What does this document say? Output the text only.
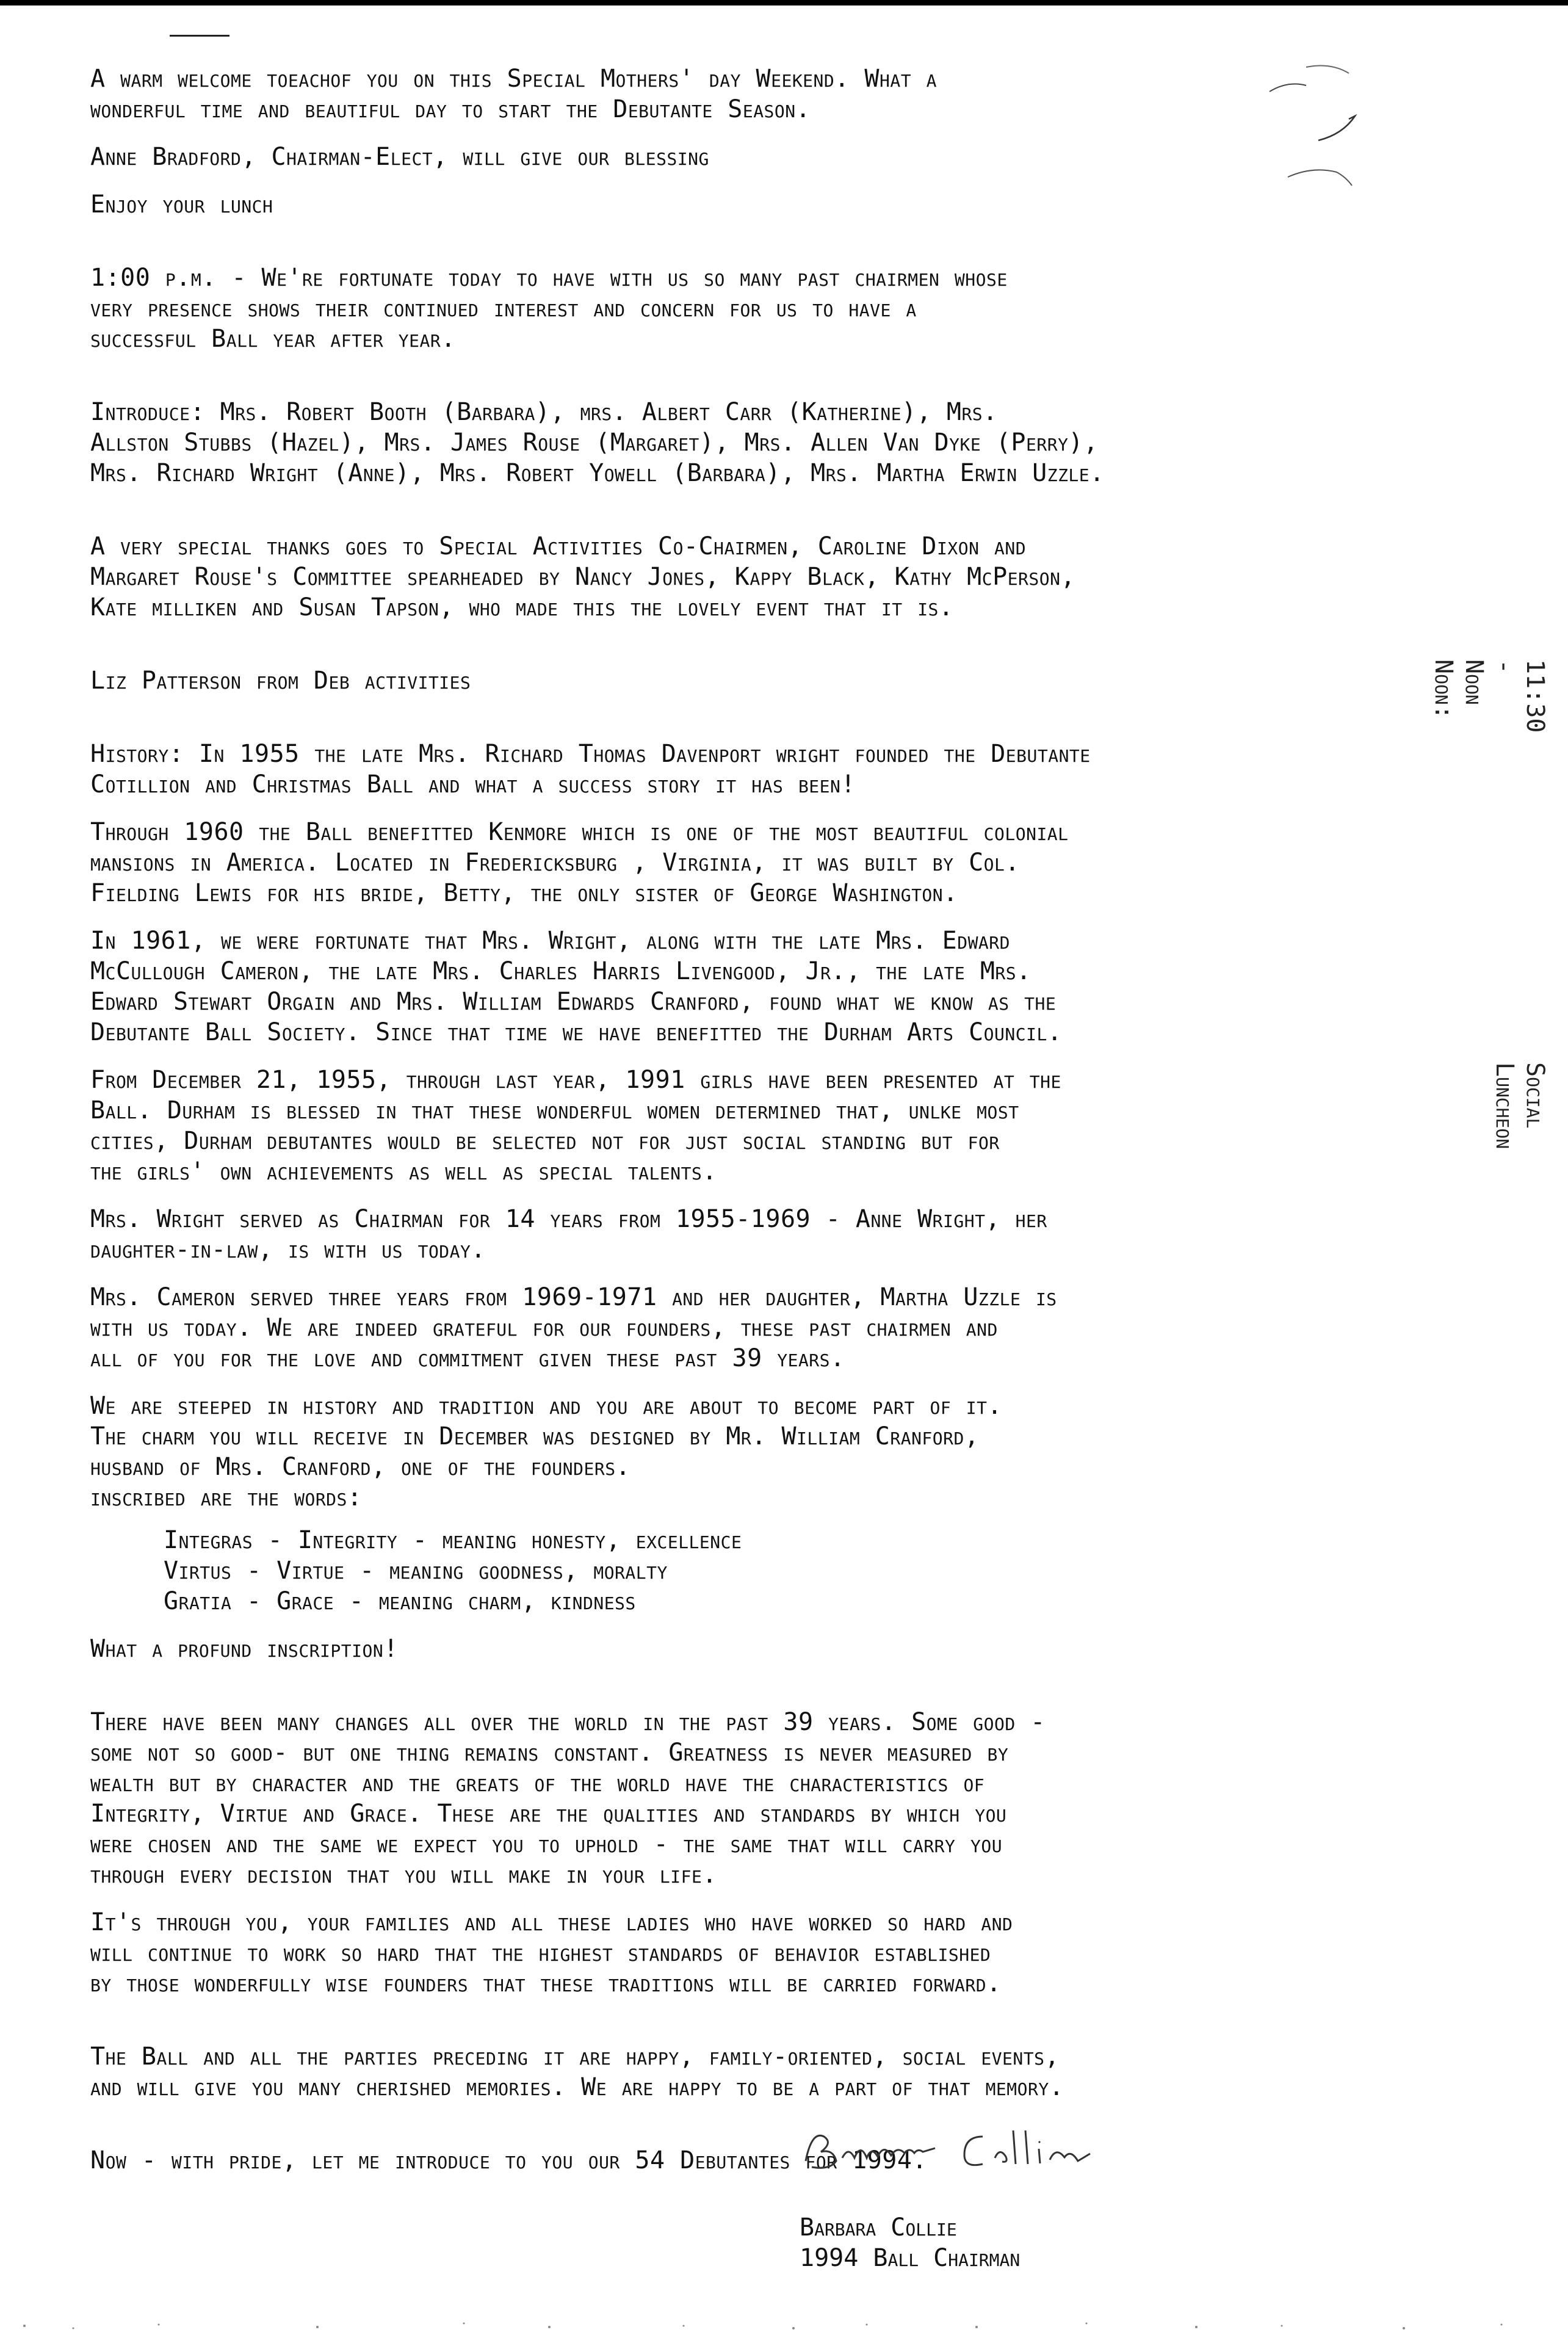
A warm welcome toeachof you on this Special Mothers' day Weekend. What a
wonderful time and beautiful day to start the Debutante Season.

Anne Bradford, Chairman-Elect, will give our blessing

Enjoy your lunch

1:00 p.m. - We're fortunate today to have with us so many past chairmen whose
very presence shows their continued interest and concern for us to have a
successful Ball year after year.

Introduce: Mrs. Robert Booth (Barbara), mrs. Albert Carr (Katherine), Mrs.
Allston Stubbs (Hazel), Mrs. James Rouse (Margaret), Mrs. Allen Van Dyke (Perry),
Mrs. Richard Wright (Anne), Mrs. Robert Yowell (Barbara), Mrs. Martha Erwin Uzzle.

A very special thanks goes to Special Activities Co-Chairmen, Caroline Dixon and
Margaret Rouse's Committee spearheaded by Nancy Jones, Kappy Black, Kathy McPerson,
Kate milliken and Susan Tapson, who made this the lovely event that it is.

Liz Patterson from Deb activities

History: In 1955 the late Mrs. Richard Thomas Davenport wright founded the Debutante
Cotillion and Christmas Ball and what a success story it has been!

Through 1960 the Ball benefitted Kenmore which is one of the most beautiful colonial
mansions in America. Located in Fredericksburg , Virginia, it was built by Col.
Fielding Lewis for his bride, Betty, the only sister of George Washington.

In 1961, we were fortunate that Mrs. Wright, along with the late Mrs. Edward
McCullough Cameron, the late Mrs. Charles Harris Livengood, Jr., the late Mrs.
Edward Stewart Orgain and Mrs. William Edwards Cranford, found what we know as the
Debutante Ball Society. Since that time we have benefitted the Durham Arts Council.

From December 21, 1955, through last year, 1991 girls have been presented at the
Ball. Durham is blessed in that these wonderful women determined that, unlke most
cities, Durham debutantes would be selected not for just social standing but for
the girls' own achievements as well as special talents.

Mrs. Wright served as Chairman for 14 years from 1955-1969 - Anne Wright, her
daughter-in-law, is with us today.

Mrs. Cameron served three years from 1969-1971 and her daughter, Martha Uzzle is
with us today. We are indeed grateful for our founders, these past chairmen and
all of you for the love and commitment given these past 39 years.

We are steeped in history and tradition and you are about to become part of it.
The charm you will receive in December was designed by Mr. William Cranford,
husband of Mrs. Cranford, one of the founders.
inscribed are the words:

Integras - Integrity - meaning honesty, excellence

Virtus - Virtue - meaning goodness, moralty

Gratia - Grace - meaning charm, kindness

What a profund inscription!

There have been many changes all over the world in the past 39 years. Some good -
some not so good- but one thing remains constant. Greatness is never measured by
wealth but by character and the greats of the world have the characteristics of
Integrity, Virtue and Grace. These are the qualities and standards by which you
were chosen and the same we expect you to uphold - the same that will carry you
through every decision that you will make in your life.

It's through you, your families and all these ladies who have worked so hard and
will continue to work so hard that the highest standards of behavior established
by those wonderfully wise founders that these traditions will be carried forward.

The Ball and all the parties preceding it are happy, family-oriented, social events,
and will give you many cherished memories. We are happy to be a part of that memory.

Now - with pride, let me introduce to you our 54 Debutantes for 1994.

11:30 - Noon
Noon:
Social
Luncheon
Barbara Collie
1994 Ball Chairman
